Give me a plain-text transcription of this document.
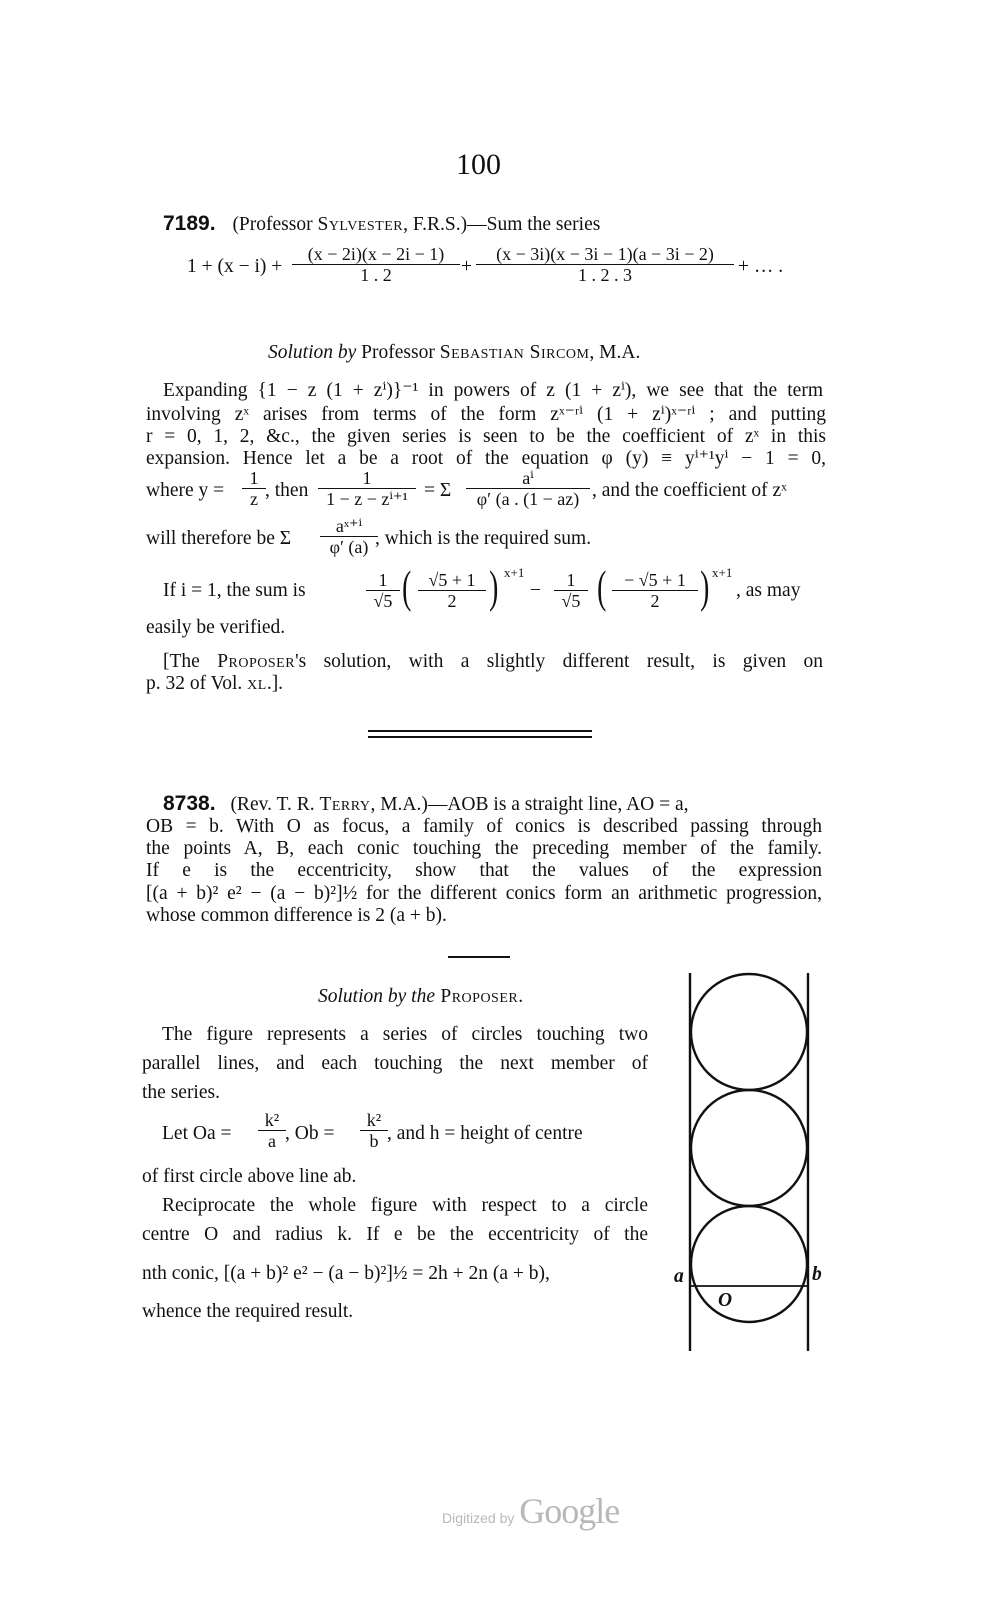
100
7189. (Professor Sylvester, F.R.S.)—Sum the series
$1 + (x - i) + \frac{(x - 2i)(x - 2i - 1)}{1 . 2} + \frac{(x - 3i)(x - 3i - 1)(a - 3i - 2)}{1 . 2 . 3}$ + … .
Solution by Professor Sebastian Sircom, M.A.
Expanding {1 − z (1 + zⁱ)}⁻¹ in powers of z (1 + zⁱ), we see that the term
involving zˣ arises from terms of the form zˣ⁻ʳⁱ (1 + zⁱ)ˣ⁻ʳⁱ ; and putting
r = 0, 1, 2, &c., the given series is seen to be the coefficient of zˣ in this
expansion. Hence let a be a root of the equation φ (y) ≡ yⁱ⁺¹yⁱ − 1 = 0,
where $y = \frac{1}{z}$ , then $\frac{1}{\text{1 − z − zⁱ⁺¹}} = \Sigma \frac{\text{aⁱ}}{\varphi' (a . (1 - az)}$ , and the coefficient of zˣ
will therefore be Σ $\frac{\text{aˣ⁺ⁱ}}{\varphi' (a)}$
, which is the required sum.
If i = 1, the sum is	$\frac{1}{√5}$ ( $\frac{√5 + 1}{2}$ ) x+1
− $\frac{1}{√5}$ ( $\frac{- √5 + 1}{2}$ ) x+1
, as may
easily be verified.
[The Proposer's solution, with a slightly different result, is given on
p. 32 of Vol. xl.].
8738. (Rev. T. R. Terry, M.A.)—AOB is a straight line, AO = a,
OB = b. With O as focus, a family of conics is described passing through
the points A, B, each conic touching the preceding member of the family.
If e is the eccentricity, show that the values of the expression
[(a + b)² e² − (a − b)²]½ for the different conics form an arithmetic progression,
whose common difference is 2 (a + b).
Solution by the Proposer.
The figure represents a series of circles touching two
parallel lines, and each touching the next member of
the series.
Let $Oa = \frac{\text{k²}}{a}$ , $Ob = \frac{\text{k²}}{b}$ , and h = height of centre
of first circle above line ab.
Reciprocate the whole figure with respect to a circle
centre O and radius k. If e be the eccentricity of the
nth conic, [(a + b)² e² − (a − b)²]½ = 2h + 2n (a + b),
whence the required result.
a	b
O
Digitized by Google
